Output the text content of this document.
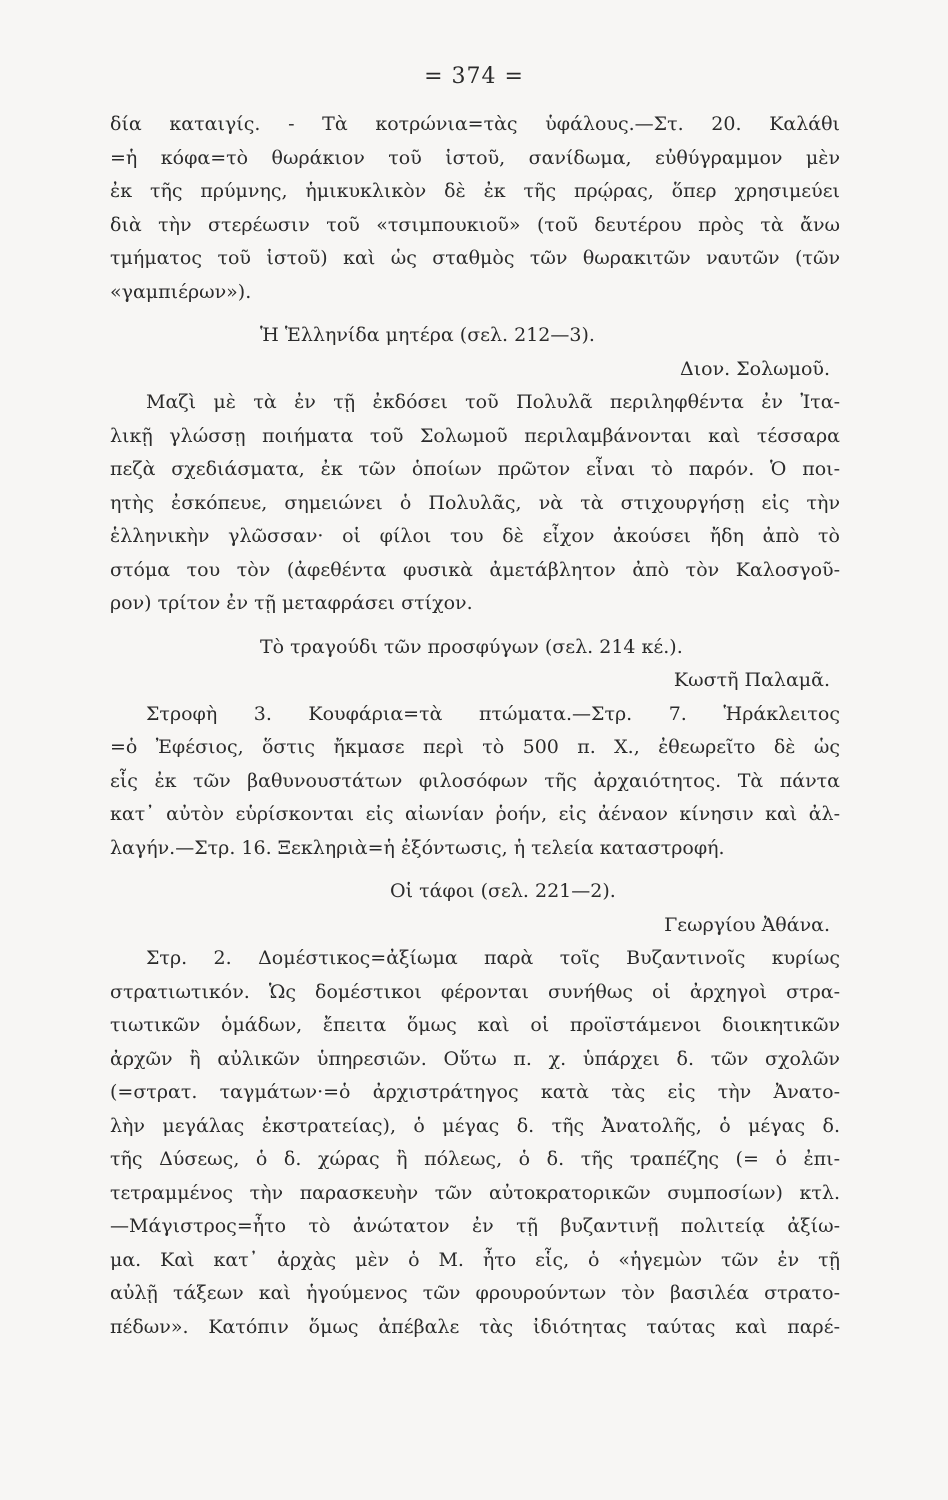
= 374 =
δία καταιγίς. - Τὰ κοτρώνια=τὰς ὑφάλους.—Στ. 20. Καλάθι
=ἡ κόφα=τὸ θωράκιον τοῦ ἱστοῦ, σανίδωμα, εὐθύγραμμον μὲν
ἐκ τῆς πρύμνης, ἡμικυκλικὸν δὲ ἐκ τῆς πρῴρας, ὅπερ χρησιμεύει
διὰ τὴν στερέωσιν τοῦ «τσιμπουκιοῦ» (τοῦ δευτέρου πρὸς τὰ ἄνω
τμήματος τοῦ ἱστοῦ) καὶ ὡς σταθμὸς τῶν θωρακιτῶν ναυτῶν (τῶν
«γαμπιέρων»).
Ἡ Ἑλληνίδα μητέρα (σελ. 212—3).
Διον. Σολωμοῦ.
Μαζὶ μὲ τὰ ἐν τῇ ἐκδόσει τοῦ Πολυλᾶ περιληφθέντα ἐν Ἰτα-
λικῇ γλώσσῃ ποιήματα τοῦ Σολωμοῦ περιλαμβάνονται καὶ τέσσαρα
πεζὰ σχεδιάσματα, ἐκ τῶν ὁποίων πρῶτον εἶναι τὸ παρόν. Ὁ ποι-
ητὴς ἐσκόπευε, σημειώνει ὁ Πολυλᾶς, νὰ τὰ στιχουργήσῃ εἰς τὴν
ἑλληνικὴν γλῶσσαν· οἱ φίλοι του δὲ εἶχον ἀκούσει ἤδη ἀπὸ τὸ
στόμα του τὸν (ἀφεθέντα φυσικὰ ἀμετάβλητον ἀπὸ τὸν Καλοσγοῦ-
ρον) τρίτον ἐν τῇ μεταφράσει στίχον.
Τὸ τραγούδι τῶν προσφύγων (σελ. 214 κέ.).
Κωστῆ Παλαμᾶ.
Στροφὴ 3. Κουφάρια=τὰ πτώματα.—Στρ. 7. Ἡράκλειτος
=ὁ Ἐφέσιος, ὅστις ἤκμασε περὶ τὸ 500 π. Χ., ἐθεωρεῖτο δὲ ὡς
εἷς ἐκ τῶν βαθυνουστάτων φιλοσόφων τῆς ἀρχαιότητος. Τὰ πάντα
κατ᾿ αὐτὸν εὑρίσκονται εἰς αἰωνίαν ῥοήν, εἰς ἀέναον κίνησιν καὶ ἀλ-
λαγήν.—Στρ. 16. Ξεκληριὰ=ἡ ἐξόντωσις, ἡ τελεία καταστροφή.
Οἱ τάφοι (σελ. 221—2).
Γεωργίου Ἀθάνα.
Στρ. 2. Δομέστικος=ἀξίωμα παρὰ τοῖς Βυζαντινοῖς κυρίως
στρατιωτικόν. Ὡς δομέστικοι φέρονται συνήθως οἱ ἀρχηγοὶ στρα-
τιωτικῶν ὁμάδων, ἔπειτα ὅμως καὶ οἱ προϊστάμενοι διοικητικῶν
ἀρχῶν ἢ αὐλικῶν ὑπηρεσιῶν. Οὕτω π. χ. ὑπάρχει δ. τῶν σχολῶν
(=στρατ. ταγμάτων·=ὁ ἀρχιστράτηγος κατὰ τὰς εἰς τὴν Ἀνατο-
λὴν μεγάλας ἐκστρατείας), ὁ μέγας δ. τῆς Ἀνατολῆς, ὁ μέγας δ.
τῆς Δύσεως, ὁ δ. χώρας ἢ πόλεως, ὁ δ. τῆς τραπέζης (= ὁ ἐπι-
τετραμμένος τὴν παρασκευὴν τῶν αὐτοκρατορικῶν συμποσίων) κτλ.
—Μάγιστρος=ἦτο τὸ ἀνώτατον ἐν τῇ βυζαντινῇ πολιτείᾳ ἀξίω-
μα. Καὶ κατ᾿ ἀρχὰς μὲν ὁ Μ. ἦτο εἷς, ὁ «ἡγεμὼν τῶν ἐν τῇ
αὐλῇ τάξεων καὶ ἡγούμενος τῶν φρουρούντων τὸν βασιλέα στρατο-
πέδων». Κατόπιν ὅμως ἀπέβαλε τὰς ἰδιότητας ταύτας καὶ παρέ-
